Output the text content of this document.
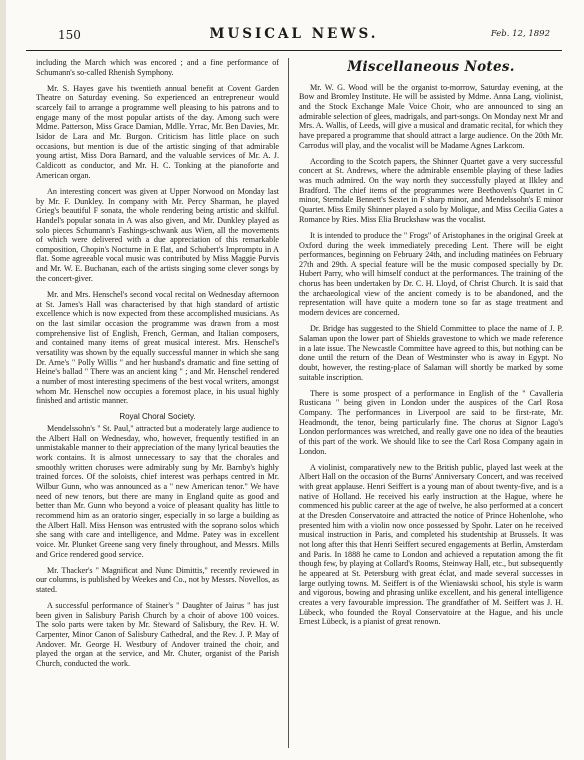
150	MUSICAL NEWS.	Feb. 12, 1892

including the March which was encored ; and a fine performance of Schumann's so-called Rhenish Symphony.

Mr. S. Hayes gave his twentieth annual benefit at Covent Garden Theatre on Saturday evening. So experienced an entrepreneur would scarcely fail to arrange a programme well pleasing to his patrons and to engage many of the most popular artists of the day. Among such were Mdme. Patterson, Miss Grace Damian, Mdlle. Yrrac, Mr. Ben Davies, Mr. Isidor de Lara and Mr. Burgon. Criticism has little place on such occasions, but mention is due of the artistic singing of that admirable young artist, Miss Dora Barnard, and the valuable services of Mr. A. J. Caldicott as conductor, and Mr. H. C. Tonking at the pianoforte and American organ.

An interesting concert was given at Upper Norwood on Monday last by Mr. F. Dunkley. In company with Mr. Percy Sharman, he played Grieg's beautiful F sonata, the whole rendering being artistic and skilful. Handel's popular sonata in A was also given, and Mr. Dunkley played as solo pieces Schumann's Fashings-schwank aus Wien, all the movements of which were delivered with a due appreciation of this remarkable composition, Chopin's Nocturne in E flat, and Schubert's Impromptu in A flat. Some agreeable vocal music was contributed by Miss Maggie Purvis and Mr. W. E. Buchanan, each of the artists singing some clever songs by the concert-giver.

Mr. and Mrs. Henschel's second vocal recital on Wednesday afternoon at St. James's Hall was characterised by that high standard of artistic excellence which is now expected from these accomplished musicians. As on the last similar occasion the programme was drawn from a most comprehensive list of English, French, German, and Italian composers, and contained many items of great musical interest. Mrs. Henschel's versatility was shown by the equally successful manner in which she sang Dr. Arne's " Polly Willis " and her husband's dramatic and fine setting of Heine's ballad " There was an ancient king " ; and Mr. Henschel rendered a number of most interesting specimens of the best vocal writers, amongst whom Mr. Henschel now occupies a foremost place, in his usual highly finished and artistic manner.

Royal Choral Society.

Mendelssohn's " St. Paul," attracted but a moderately large audience to the Albert Hall on Wednesday, who, however, frequently testified in an unmistakable manner to their appreciation of the many lyrical beauties the work contains. It is almost unnecessary to say that the chorales and smoothly written choruses were admirably sung by Mr. Barnby's highly trained forces. Of the soloists, chief interest was perhaps centred in Mr. Wilbur Gunn, who was announced as a " new American tenor." We have need of new tenors, but there are many in England quite as good and better than Mr. Gunn who beyond a voice of pleasant quality has little to recommend him as an oratorio singer, especially in so large a building as the Albert Hall. Miss Henson was entrusted with the soprano solos which she sang with care and intelligence, and Mdme. Patey was in excellent voice. Mr. Plunket Greene sang very finely throughout, and Messrs. Mills and Grice rendered good service.

Mr. Thacker's " Magnificat and Nunc Dimittis," recently reviewed in our columns, is published by Weekes and Co., not by Messrs. Novellos, as stated.

A successful performance of Stainer's " Daughter of Jairus " has just been given in Salisbury Parish Church by a choir of above 100 voices. The solo parts were taken by Mr. Steward of Salisbury, the Rev. H. W. Carpenter, Minor Canon of Salisbury Cathedral, and the Rev. J. P. May of Andover. Mr. George H. Westbury of Andover trained the choir, and played the organ at the service, and Mr. Chuter, organist of the Parish Church, conducted the work.

Miscellaneous Notes.

Mr. W. G. Wood will be the organist to-morrow, Saturday evening, at the Bow and Bromley Institute. He will be assisted by Mdme. Anna Lang, violinist, and the Stock Exchange Male Voice Choir, who are announced to sing an admirable selection of glees, madrigals, and part-songs. On Monday next Mr and Mrs. A. Wallis, of Leeds, will give a musical and dramatic recital, for which they have prepared a programme that should attract a large audience. On the 20th Mr. Carrodus will play, and the vocalist will be Madame Agnes Larkcom.

According to the Scotch papers, the Shinner Quartet gave a very successful concert at St. Andrews, where the admirable ensemble playing of these ladies was much admired. On the way north they successfully played at Ilkley and Bradford. The chief items of the programmes were Beethoven's Quartet in C minor, Sterndale Bennett's Sextet in F sharp minor, and Mendelssohn's E minor Quartet. Miss Emily Shinner played a solo by Molique, and Miss Cecilia Gates a Romance by Ries. Miss Elia Bruckshaw was the vocalist.

It is intended to produce the " Frogs" of Aristophanes in the original Greek at Oxford during the week immediately preceding Lent. There will be eight performances, beginning on February 24th, and including matinées on February 27th and 29th. A special feature will be the music composed specially by Dr. Hubert Parry, who will himself conduct at the performances. The training of the chorus has been undertaken by Dr. C. H. Lloyd, of Christ Church. It is said that the archaeological view of the ancient comedy is to be abandoned, and the representation will have quite a modern tone so far as stage treatment and modern devices are concerned.

Dr. Bridge has suggested to the Shield Committee to place the name of J. P. Salaman upon the lower part of Shields gravestone to which we made reference in a late issue. The Newcastle Committee have agreed to this, but nothing can be done until the return of the Dean of Westminster who is away in Egypt. No doubt, however, the resting-place of Salaman will shortly be marked by some suitable inscription.

There is some prospect of a performance in English of the " Cavalleria Rusticana " being given in London under the auspices of the Carl Rosa Company. The performances in Liverpool are said to be first-rate, Mr. Headmondt, the tenor, being particularly fine. The chorus at Signor Lago's London performances was wretched, and really gave one no idea of the beauties of this part of the work. We should like to see the Carl Rosa Company again in London.

A violinist, comparatively new to the British public, played last week at the Albert Hall on the occasion of the Burns' Anniversary Concert, and was received with great applause. Henri Seiffert is a young man of about twenty-five, and is a native of Holland. He received his early instruction at the Hague, where he commenced his public career at the age of twelve, he also performed at a concert at the Dresden Conservatoire and attracted the notice of Prince Hohenlohe, who presented him with a violin now once possessed by Spohr. Later on he received musical instruction in Paris, and completed his studentship at Brussels. It was not long after this that Henri Seiffert secured engagements at Berlin, Amsterdam and Paris. In 1888 he came to London and achieved a reputation among the fit though few, by playing at Collard's Rooms, Steinway Hall, etc., but subsequently he appeared at St. Petersburg with great éclat, and made several successes in large outlying towns. M. Seiffert is of the Wieniawski school, his style is warm and vigorous, bowing and phrasing unlike excellent, and his general intelligence creates a very favourable impression. The grandfather of M. Seiffert was J. H. Lübeck, who founded the Royal Conservatoire at the Hague, and his uncle Ernest Lübeck, is a pianist of great renown.
